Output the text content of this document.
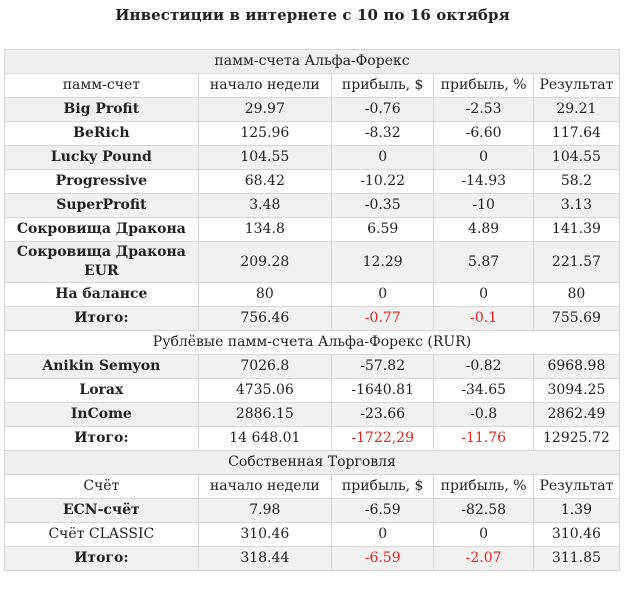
Инвестиции в интернете с 10 по 16 октября
памм-счета Альфа-Форекс				
памм-счет	начало недели	прибыль, $	прибыль, %	Результат
Big Profit	29.97	-0.76	-2.53	29.21
BeRich	125.96	-8.32	-6.60	117.64
Lucky Pound	104.55	0	0	104.55
Progressive	68.42	-10.22	-14.93	58.2
SuperProfit	3.48	-0.35	-10	3.13
Сокровища Дракона	134.8	6.59	4.89	141.39
Сокровища Дракона EUR	209.28	12.29	5.87	221.57
На балансе	80	0	0	80
Итого:	756.46	-0.77	-0.1	755.69
Рублёвые памм-счета Альфа-Форекс (RUR)				
Anikin Semyon	7026.8	-57.82	-0.82	6968.98
Lorax	4735.06	-1640.81	-34.65	3094.25
InCome	2886.15	-23.66	-0.8	2862.49
Итого:	14 648.01	-1722,29	-11.76	12925.72
Собственная Торговля				
Счёт	начало недели	прибыль, $	прибыль, %	Результат
ECN-счёт	7.98	-6.59	-82.58	1.39
Счёт CLASSIC	310.46	0	0	310.46
Итого:	318.44	-6.59	-2.07	311.85
